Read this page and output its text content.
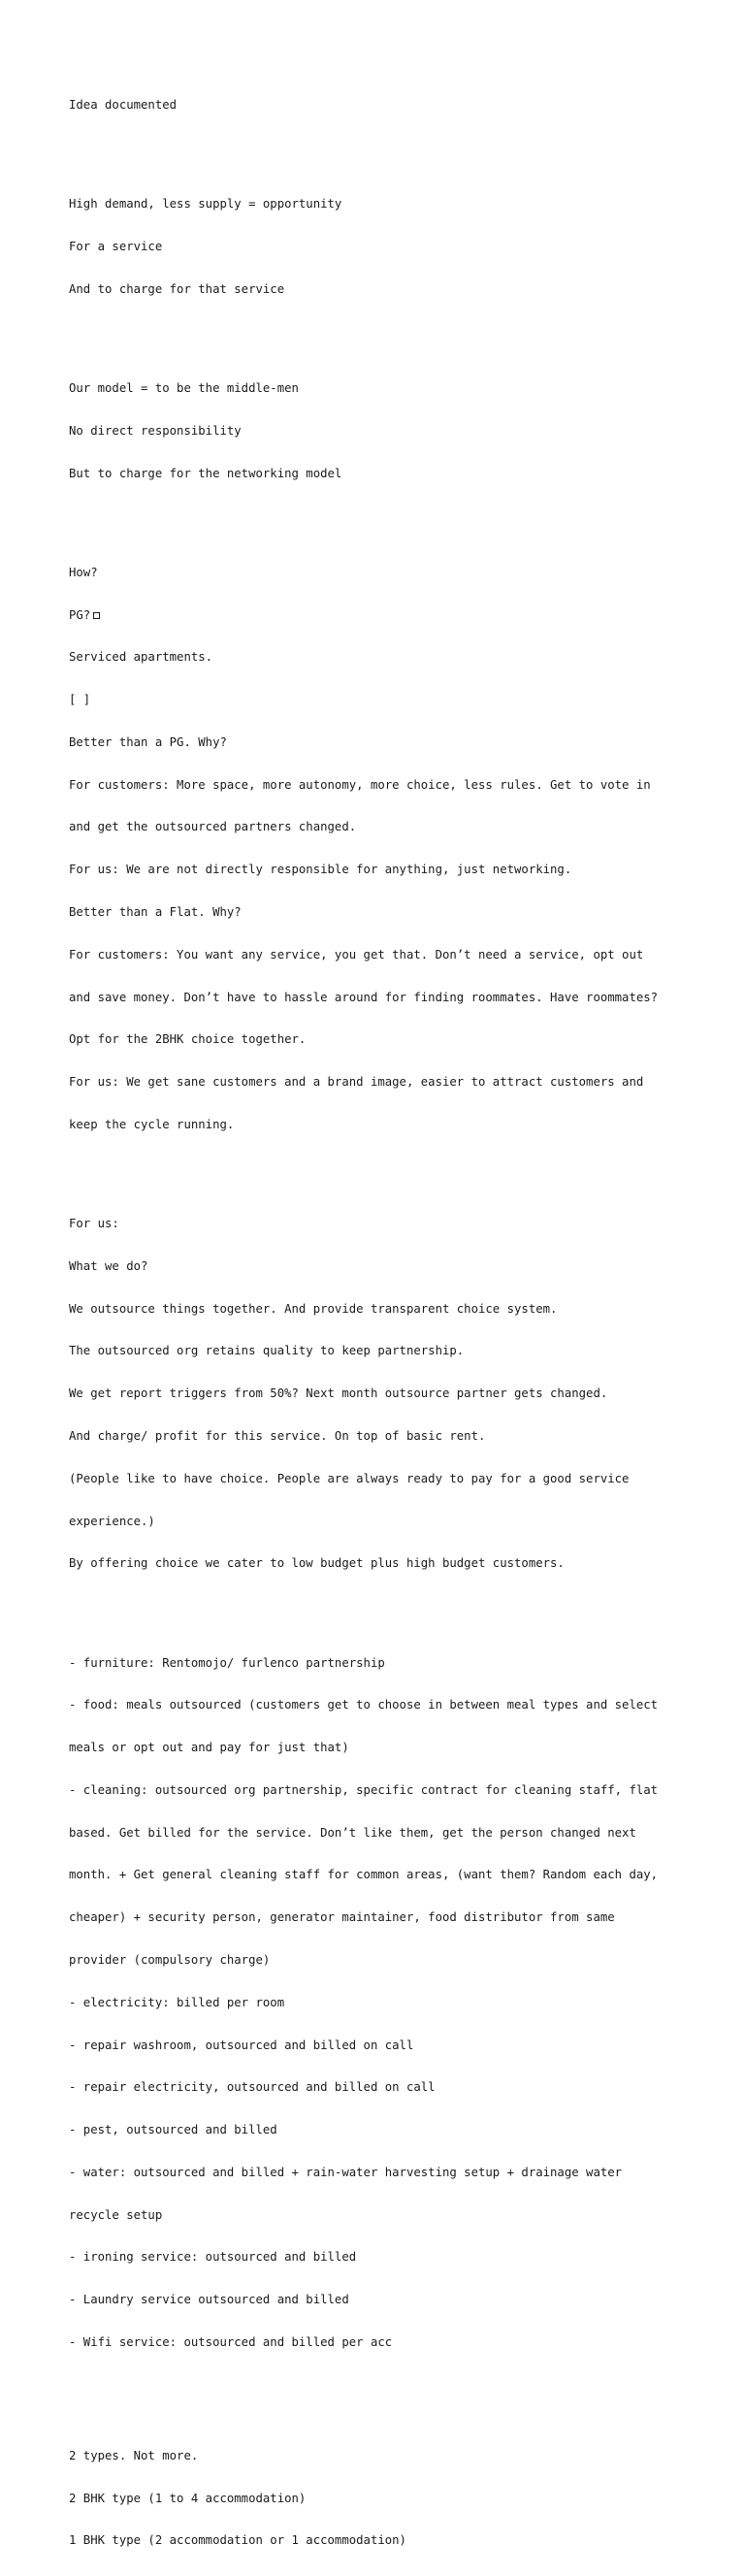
Idea documented

High demand, less supply = opportunity

For a service

And to charge for that service

Our model = to be the middle-men

No direct responsibility

But to charge for the networking model

How?

PG?

Serviced apartments.

[ ]

Better than a PG. Why?

For customers: More space, more autonomy, more choice, less rules. Get to vote in

and get the outsourced partners changed.

For us: We are not directly responsible for anything, just networking.

Better than a Flat. Why?

For customers: You want any service, you get that. Don’t need a service, opt out

and save money. Don’t have to hassle around for finding roommates. Have roommates?

Opt for the 2BHK choice together.

For us: We get sane customers and a brand image, easier to attract customers and

keep the cycle running.

For us:

What we do?

We outsource things together. And provide transparent choice system.

The outsourced org retains quality to keep partnership.

We get report triggers from 50%? Next month outsource partner gets changed.

And charge/ profit for this service. On top of basic rent.

(People like to have choice. People are always ready to pay for a good service

experience.)

By offering choice we cater to low budget plus high budget customers.

- furniture: Rentomojo/ furlenco partnership

- food: meals outsourced (customers get to choose in between meal types and select

meals or opt out and pay for just that)

- cleaning: outsourced org partnership, specific contract for cleaning staff, flat

based. Get billed for the service. Don’t like them, get the person changed next

month. + Get general cleaning staff for common areas, (want them? Random each day,

cheaper) + security person, generator maintainer, food distributor from same

provider (compulsory charge)

- electricity: billed per room

- repair washroom, outsourced and billed on call

- repair electricity, outsourced and billed on call

- pest, outsourced and billed

- water: outsourced and billed + rain-water harvesting setup + drainage water

recycle setup

- ironing service: outsourced and billed

- Laundry service outsourced and billed

- Wifi service: outsourced and billed per acc

2 types. Not more.

2 BHK type (1 to 4 accommodation)

1 BHK type (2 accommodation or 1 accommodation)
